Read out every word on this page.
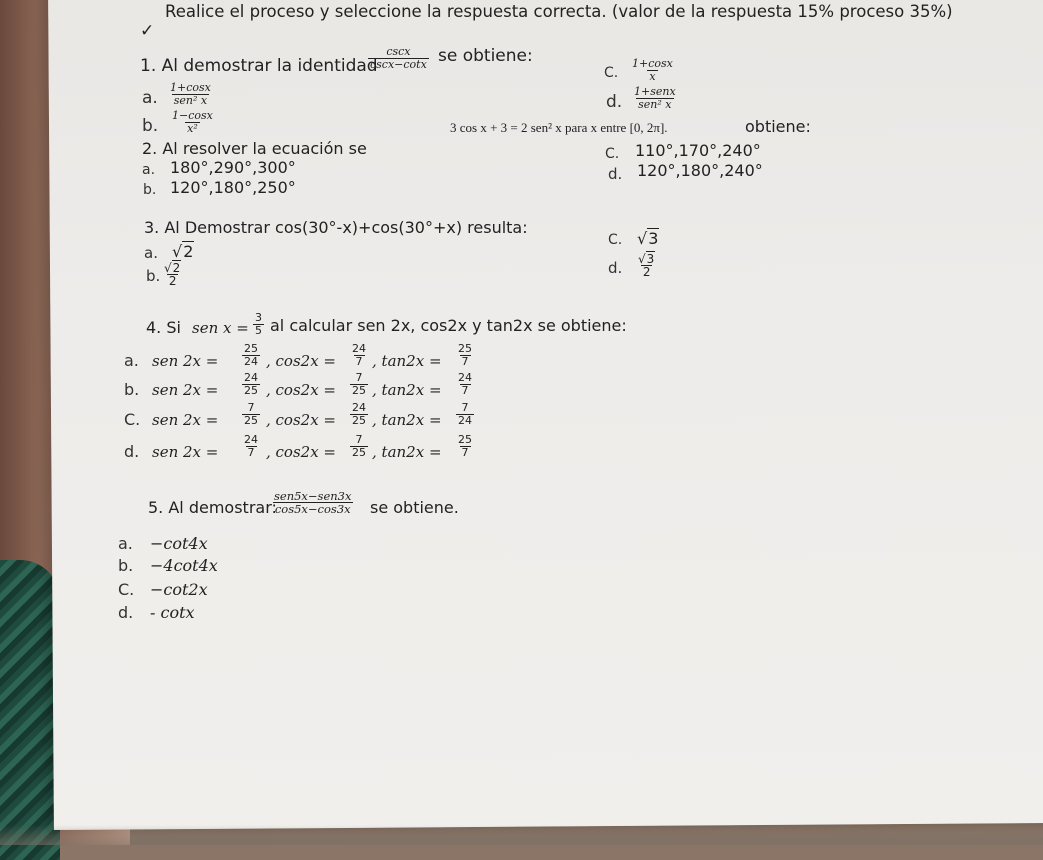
✓
Realice el proceso y seleccione la respuesta correcta. (valor de la respuesta 15% proceso 35%)
1. Al demostrar la identidad
cscx
cscx−cotx se obtiene:
a.
1+cosx
sen² x
b. $\frac{1-\cos x}{\text{x²}}$
C. $\frac{1+\cos x}{x}$
d.
1+senx
sen² x
2. Al resolver la ecuación se
3 cos x + 3 = 2 sen² x para x entre [0, 2π].	obtiene:
a. 180°,290°,300°
b. 120°,180°,250°
C. 110°,170°,240°
d. 120°,180°,240°
3. Al Demostrar cos(30°-x)+cos(30°+x) resulta:
a. √2
b. $\frac{√2}{2}$
C. √3
d. $\frac{√3}{2}$
4. Si sen $x = \frac{3}{5}$ al calcular sen 2x, cos2x y tan2x se obtiene:
a. sen $2x = \frac{25}{24}$ , $\cos 2x = \frac{24}{7}$ , $\tan 2x = \frac{25}{7}$
b. sen $2x = \frac{24}{25}$ , $\cos 2x = \frac{7}{25}$ , $\tan 2x = \frac{24}{7}$
C. sen $2x = \frac{7}{25}$ , $\cos 2x = \frac{24}{25}$ , $\tan 2x = \frac{7}{24}$
d. sen $2x = \frac{24}{7}$ , $\cos 2x = \frac{7}{25}$ , $\tan 2x = \frac{25}{7}$
5. Al demostrar:
sen5x−sen3x
cos5x−cos3x se obtiene.
a. −cot4x
b. −4cot4x
C. −cot2x
d. - cotx
